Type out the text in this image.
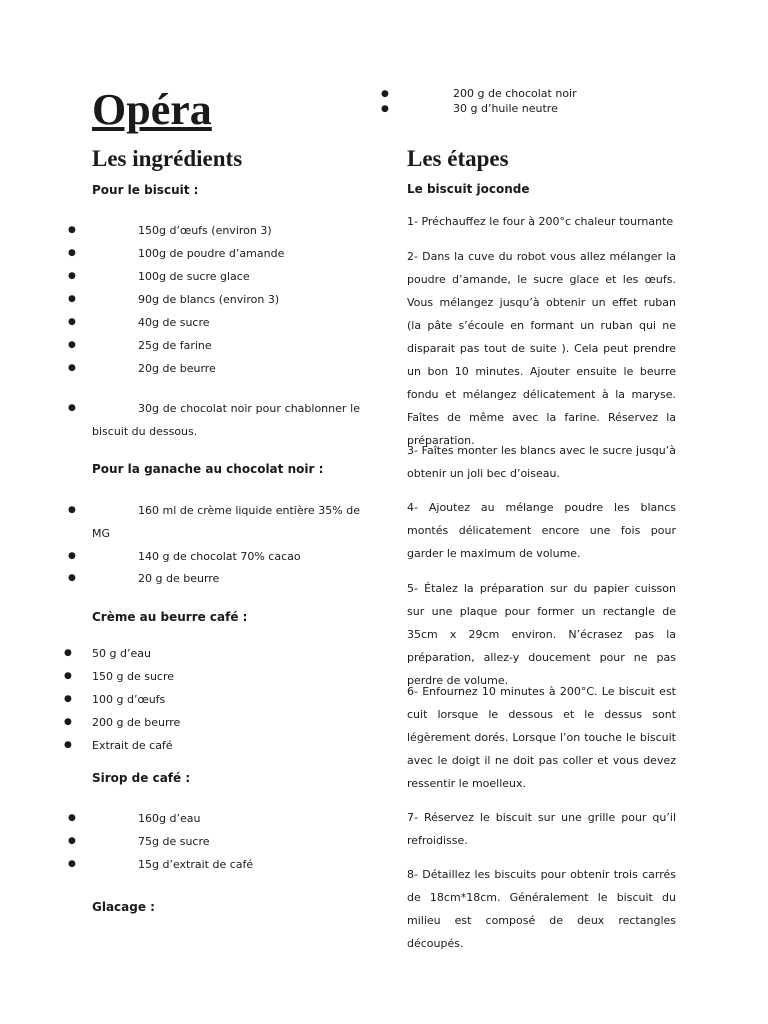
Opéra
Les ingrédients
Pour le biscuit :
●	150g d’œufs (environ 3)
●	100g de poudre d’amande
●	100g de sucre glace
●	90g de blancs (environ 3)
●	40g de sucre
●	25g de farine
●	20g de beurre
●	30g de chocolat noir pour chablonner le
biscuit du dessous.
Pour la ganache au chocolat noir :
●	160 ml de crème liquide entière 35% de
MG
●	140 g de chocolat 70% cacao
●	20 g de beurre
Crème au beurre café :
● 50 g d’eau
● 150 g de sucre
● 100 g d’œufs
● 200 g de beurre
● Extrait de café
Sirop de café :
●	160g d’eau
●	75g de sucre
●	15g d’extrait de café
Glacage :
●	200 g de chocolat noir
●	30 g d’huile neutre
Les étapes
Le biscuit joconde
1- Préchauffez le four à 200°c chaleur tournante
2- Dans la cuve du robot vous allez mélanger la poudre d’amande, le sucre glace et les œufs. Vous mélangez jusqu’à obtenir un effet ruban (la pâte s’écoule en formant un ruban qui ne disparait pas tout de suite ). Cela peut prendre un bon 10 minutes. Ajouter ensuite le beurre fondu et mélangez délicatement à la maryse. Faîtes de même avec la farine. Réservez la préparation.
3- Faîtes monter les blancs avec le sucre jusqu’à obtenir un joli bec d’oiseau.
4- Ajoutez au mélange poudre les blancs montés délicatement encore une fois pour garder le maximum de volume.
5- Étalez la préparation sur du papier cuisson sur une plaque pour former un rectangle de 35cm x 29cm environ. N’écrasez pas la préparation, allez-y doucement pour ne pas perdre de volume.
6- Enfournez 10 minutes à 200°C. Le biscuit est cuit lorsque le dessous et le dessus sont légèrement dorés. Lorsque l’on touche le biscuit avec le doigt il ne doit pas coller et vous devez ressentir le moelleux.
7- Réservez le biscuit sur une grille pour qu’il refroidisse.
8- Détaillez les biscuits pour obtenir trois carrés de 18cm*18cm. Généralement le biscuit du milieu est composé de deux rectangles découpés.
